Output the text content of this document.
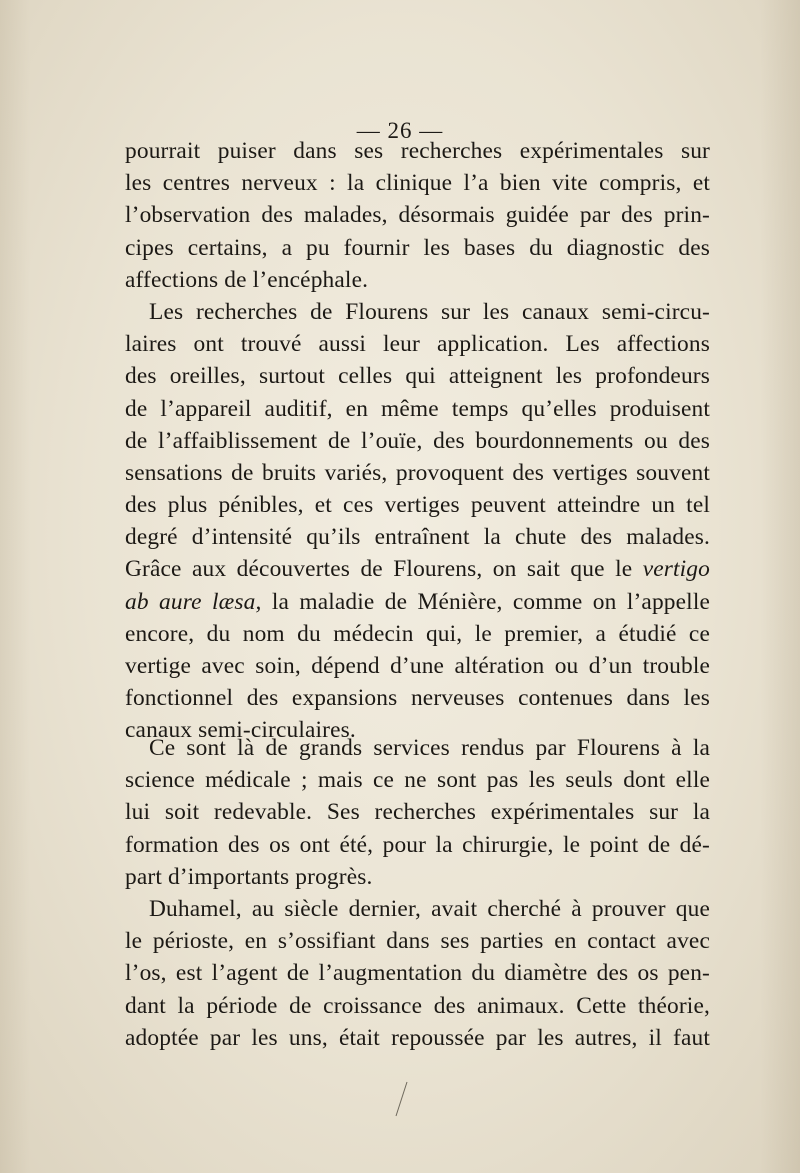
— 26 —
pourrait puiser dans ses recherches expérimentales sur
les centres nerveux : la clinique l’a bien vite compris, et
l’observation des malades, désormais guidée par des prin-
cipes certains, a pu fournir les bases du diagnostic des
affections de l’encéphale.
Les recherches de Flourens sur les canaux semi-circu-
laires ont trouvé aussi leur application. Les affections
des oreilles, surtout celles qui atteignent les profondeurs
de l’appareil auditif, en même temps qu’elles produisent
de l’affaiblissement de l’ouïe, des bourdonnements ou des
sensations de bruits variés, provoquent des vertiges souvent
des plus pénibles, et ces vertiges peuvent atteindre un tel
degré d’intensité qu’ils entraînent la chute des malades.
Grâce aux découvertes de Flourens, on sait que le vertigo
ab aure læsa, la maladie de Ménière, comme on l’appelle
encore, du nom du médecin qui, le premier, a étudié ce
vertige avec soin, dépend d’une altération ou d’un trouble
fonctionnel des expansions nerveuses contenues dans les
canaux semi-circulaires.
Ce sont là de grands services rendus par Flourens à la
science médicale ; mais ce ne sont pas les seuls dont elle
lui soit redevable. Ses recherches expérimentales sur la
formation des os ont été, pour la chirurgie, le point de dé-
part d’importants progrès.
Duhamel, au siècle dernier, avait cherché à prouver que
le périoste, en s’ossifiant dans ses parties en contact avec
l’os, est l’agent de l’augmentation du diamètre des os pen-
dant la période de croissance des animaux. Cette théorie,
adoptée par les uns, était repoussée par les autres, il faut
